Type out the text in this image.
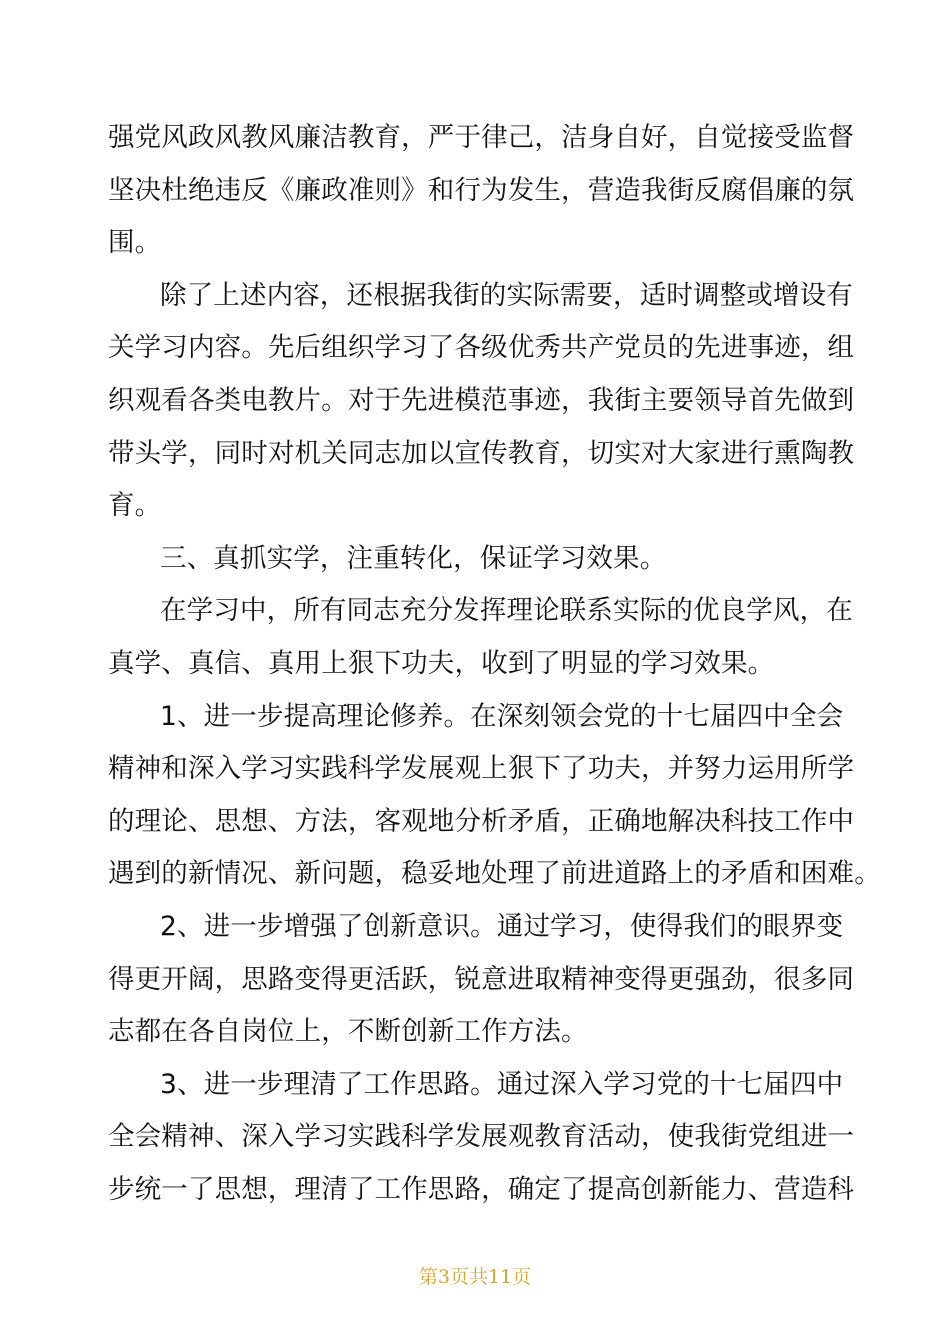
强党风政风教风廉洁教育，严于律己，洁身自好，自觉接受监督
坚决杜绝违反《廉政准则》和行为发生，营造我街反腐倡廉的氛
围。
除了上述内容，还根据我街的实际需要，适时调整或增设有
关学习内容。先后组织学习了各级优秀共产党员的先进事迹，组
织观看各类电教片。对于先进模范事迹，我街主要领导首先做到
带头学，同时对机关同志加以宣传教育，切实对大家进行熏陶教
育。
三、真抓实学，注重转化，保证学习效果。
在学习中，所有同志充分发挥理论联系实际的优良学风，在
真学、真信、真用上狠下功夫，收到了明显的学习效果。
1、进一步提高理论修养。在深刻领会党的十七届四中全会
精神和深入学习实践科学发展观上狠下了功夫，并努力运用所学
的理论、思想、方法，客观地分析矛盾，正确地解决科技工作中
遇到的新情况、新问题，稳妥地处理了前进道路上的矛盾和困难。
2、进一步增强了创新意识。通过学习，使得我们的眼界变
得更开阔，思路变得更活跃，锐意进取精神变得更强劲，很多同
志都在各自岗位上，不断创新工作方法。
3、进一步理清了工作思路。通过深入学习党的十七届四中
全会精神、深入学习实践科学发展观教育活动，使我街党组进一
步统一了思想，理清了工作思路，确定了提高创新能力、营造科
第3页共11页
